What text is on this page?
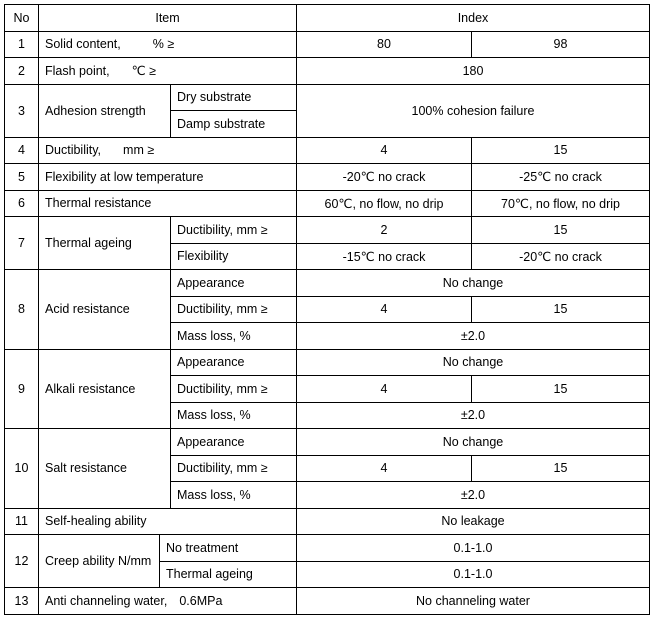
No	Item			Index	
1	Solid content, % ≥			80	98
2	Flash point, ℃ ≥			180	
3	Adhesion strength		Dry substrate	100% cohesion failure	
			Damp substrate		
4	Ductibility, mm ≥			4	15
5	Flexibility at low temperature			-20℃ no crack	-25℃ no crack
6	Thermal resistance			60℃, no flow, no drip	70℃, no flow, no drip
7	Thermal ageing		Ductibility, mm ≥	2	15
			Flexibility	-15℃ no crack	-20℃ no crack
8	Acid resistance		Appearance	No change	
			Ductibility, mm ≥	4	15
			Mass loss, %	±2.0	
9	Alkali resistance		Appearance	No change	
			Ductibility, mm ≥	4	15
			Mass loss, %	±2.0	
10	Salt resistance		Appearance	No change	
			Ductibility, mm ≥	4	15
			Mass loss, %	±2.0	
11	Self-healing ability			No leakage	
12	Creep ability N/mm	No treatment		0.1-1.0	
		Thermal ageing		0.1-1.0	
13	Anti channeling water, 0.6MPa			No channeling water	
